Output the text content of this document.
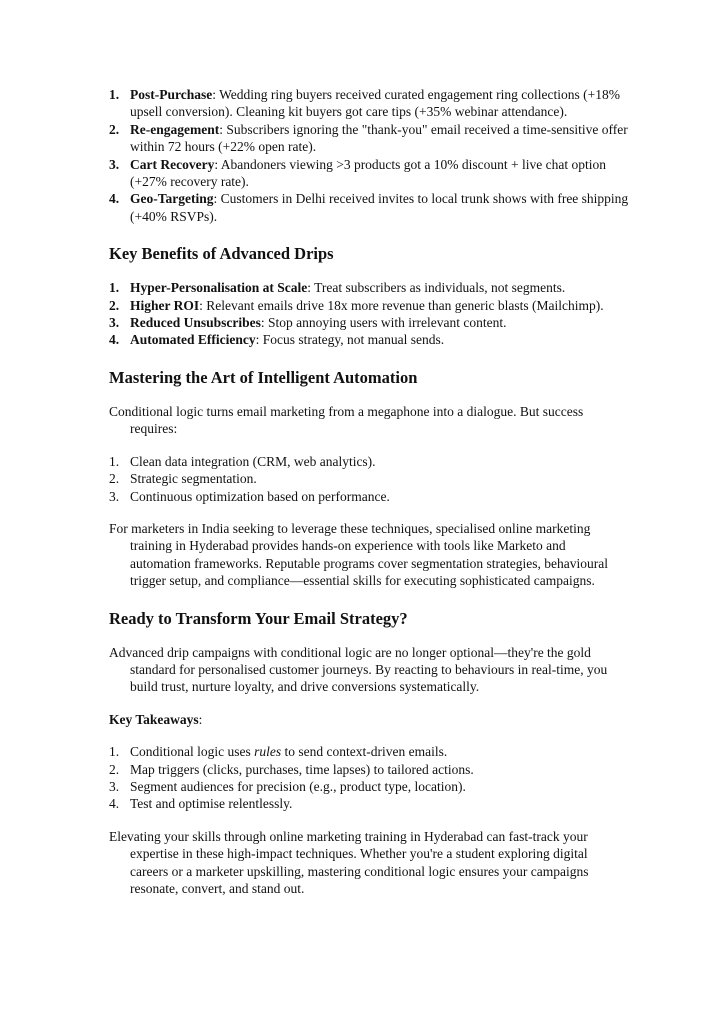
1. Post-Purchase: Wedding ring buyers received curated engagement ring collections (+18% upsell conversion). Cleaning kit buyers got care tips (+35% webinar attendance).
2. Re-engagement: Subscribers ignoring the "thank-you" email received a time-sensitive offer within 72 hours (+22% open rate).
3. Cart Recovery: Abandoners viewing >3 products got a 10% discount + live chat option (+27% recovery rate).
4. Geo-Targeting: Customers in Delhi received invites to local trunk shows with free shipping (+40% RSVPs).
Key Benefits of Advanced Drips
1. Hyper-Personalisation at Scale: Treat subscribers as individuals, not segments.
2. Higher ROI: Relevant emails drive 18x more revenue than generic blasts (Mailchimp).
3. Reduced Unsubscribes: Stop annoying users with irrelevant content.
4. Automated Efficiency: Focus strategy, not manual sends.
Mastering the Art of Intelligent Automation

Conditional logic turns email marketing from a megaphone into a dialogue. But success requires:

1. Clean data integration (CRM, web analytics).
2. Strategic segmentation.
3. Continuous optimization based on performance.

For marketers in India seeking to leverage these techniques, specialised online marketing training in Hyderabad provides hands-on experience with tools like Marketo and automation frameworks. Reputable programs cover segmentation strategies, behavioural trigger setup, and compliance—essential skills for executing sophisticated campaigns.

Ready to Transform Your Email Strategy?

Advanced drip campaigns with conditional logic are no longer optional—they're the gold standard for personalised customer journeys. By reacting to behaviours in real-time, you build trust, nurture loyalty, and drive conversions systematically.

Key Takeaways:

1. Conditional logic uses rules to send context-driven emails.
2. Map triggers (clicks, purchases, time lapses) to tailored actions.
3. Segment audiences for precision (e.g., product type, location).
4. Test and optimise relentlessly.

Elevating your skills through online marketing training in Hyderabad can fast-track your expertise in these high-impact techniques. Whether you're a student exploring digital careers or a marketer upskilling, mastering conditional logic ensures your campaigns resonate, convert, and stand out.
